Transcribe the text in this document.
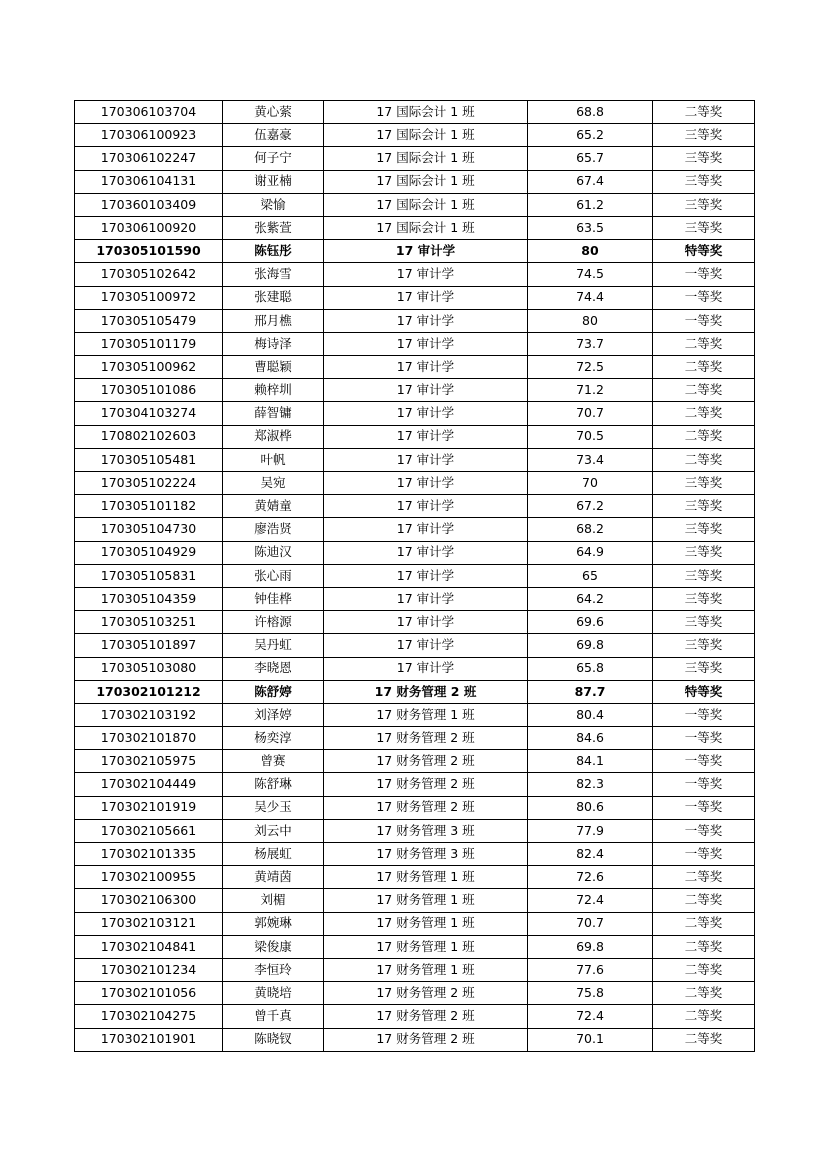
170306103704	黄心萦	17 国际会计 1 班	68.8	二等奖
170306100923	伍嘉豪	17 国际会计 1 班	65.2	三等奖
170306102247	何子宁	17 国际会计 1 班	65.7	三等奖
170306104131	谢亚楠	17 国际会计 1 班	67.4	三等奖
170360103409	梁愉	17 国际会计 1 班	61.2	三等奖
170306100920	张紫萱	17 国际会计 1 班	63.5	三等奖
170305101590	陈钰彤	17 审计学	80	特等奖
170305102642	张海雪	17 审计学	74.5	一等奖
170305100972	张建聪	17 审计学	74.4	一等奖
170305105479	邢月樵	17 审计学	80	一等奖
170305101179	梅诗泽	17 审计学	73.7	二等奖
170305100962	曹聪颖	17 审计学	72.5	二等奖
170305101086	赖梓圳	17 审计学	71.2	二等奖
170304103274	薛智镛	17 审计学	70.7	二等奖
170802102603	郑淑桦	17 审计学	70.5	二等奖
170305105481	叶帆	17 审计学	73.4	二等奖
170305102224	吴宛	17 审计学	70	三等奖
170305101182	黄婧童	17 审计学	67.2	三等奖
170305104730	廖浩贤	17 审计学	68.2	三等奖
170305104929	陈迪汉	17 审计学	64.9	三等奖
170305105831	张心雨	17 审计学	65	三等奖
170305104359	钟佳桦	17 审计学	64.2	三等奖
170305103251	许榕源	17 审计学	69.6	三等奖
170305101897	吴丹虹	17 审计学	69.8	三等奖
170305103080	李晓恩	17 审计学	65.8	三等奖
170302101212	陈舒婷	17 财务管理 2 班	87.7	特等奖
170302103192	刘泽婷	17 财务管理 1 班	80.4	一等奖
170302101870	杨奕淳	17 财务管理 2 班	84.6	一等奖
170302105975	曾赛	17 财务管理 2 班	84.1	一等奖
170302104449	陈舒琳	17 财务管理 2 班	82.3	一等奖
170302101919	吴少玉	17 财务管理 2 班	80.6	一等奖
170302105661	刘云中	17 财务管理 3 班	77.9	一等奖
170302101335	杨展虹	17 财务管理 3 班	82.4	一等奖
170302100955	黄靖茵	17 财务管理 1 班	72.6	二等奖
170302106300	刘楣	17 财务管理 1 班	72.4	二等奖
170302103121	郭婉琳	17 财务管理 1 班	70.7	二等奖
170302104841	梁俊康	17 财务管理 1 班	69.8	二等奖
170302101234	李恒玲	17 财务管理 1 班	77.6	二等奖
170302101056	黄晓培	17 财务管理 2 班	75.8	二等奖
170302104275	曾千真	17 财务管理 2 班	72.4	二等奖
170302101901	陈晓钗	17 财务管理 2 班	70.1	二等奖
